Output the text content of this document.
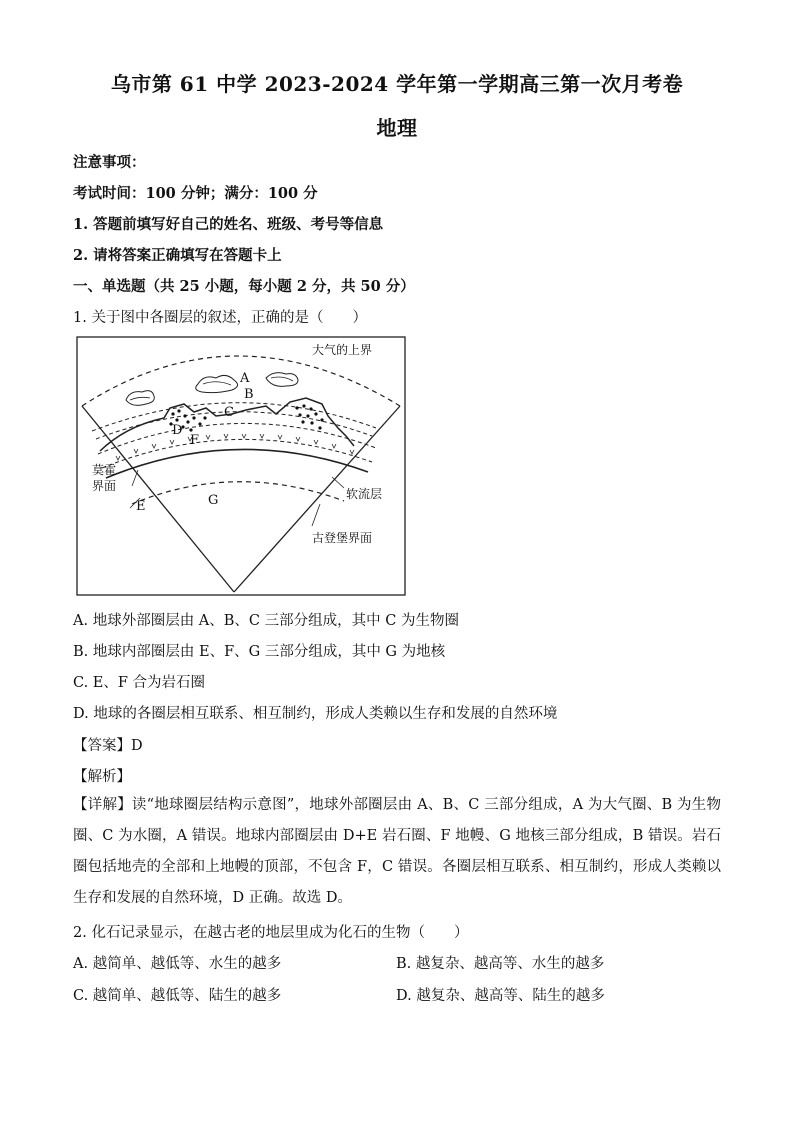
乌市第 61 中学 2023-2024 学年第一学期高三第一次月考卷
地理
注意事项：
考试时间：100 分钟；满分：100 分
1. 答题前填写好自己的姓名、班级、考号等信息
2. 请将答案正确填写在答题卡上
一、单选题（共 25 小题，每小题 2 分，共 50 分）
1. 关于图中各圈层的叙述，正确的是（　　）
大气的上界
A
B
C
D
F
G
E
莫霍
界面
软流层
古登堡界面
A. 地球外部圈层由 A、B、C 三部分组成，其中 C 为生物圈
B. 地球内部圈层由 E、F、G 三部分组成，其中 G 为地核
C. E、F 合为岩石圈
D. 地球的各圈层相互联系、相互制约，形成人类赖以生存和发展的自然环境
【答案】D
【解析】
【详解】读“地球圈层结构示意图”，地球外部圈层由 A、B、C 三部分组成，A 为大气圈、B 为生物圈、C 为水圈，A 错误。地球内部圈层由 D+E 岩石圈、F 地幔、G 地核三部分组成，B 错误。岩石圈包括地壳的全部和上地幔的顶部，不包含 F，C 错误。各圈层相互联系、相互制约，形成人类赖以生存和发展的自然环境，D 正确。故选 D。
2. 化石记录显示，在越古老的地层里成为化石的生物（　　）
A. 越简单、越低等、水生的越多	B. 越复杂、越高等、水生的越多
C. 越简单、越低等、陆生的越多	D. 越复杂、越高等、陆生的越多
